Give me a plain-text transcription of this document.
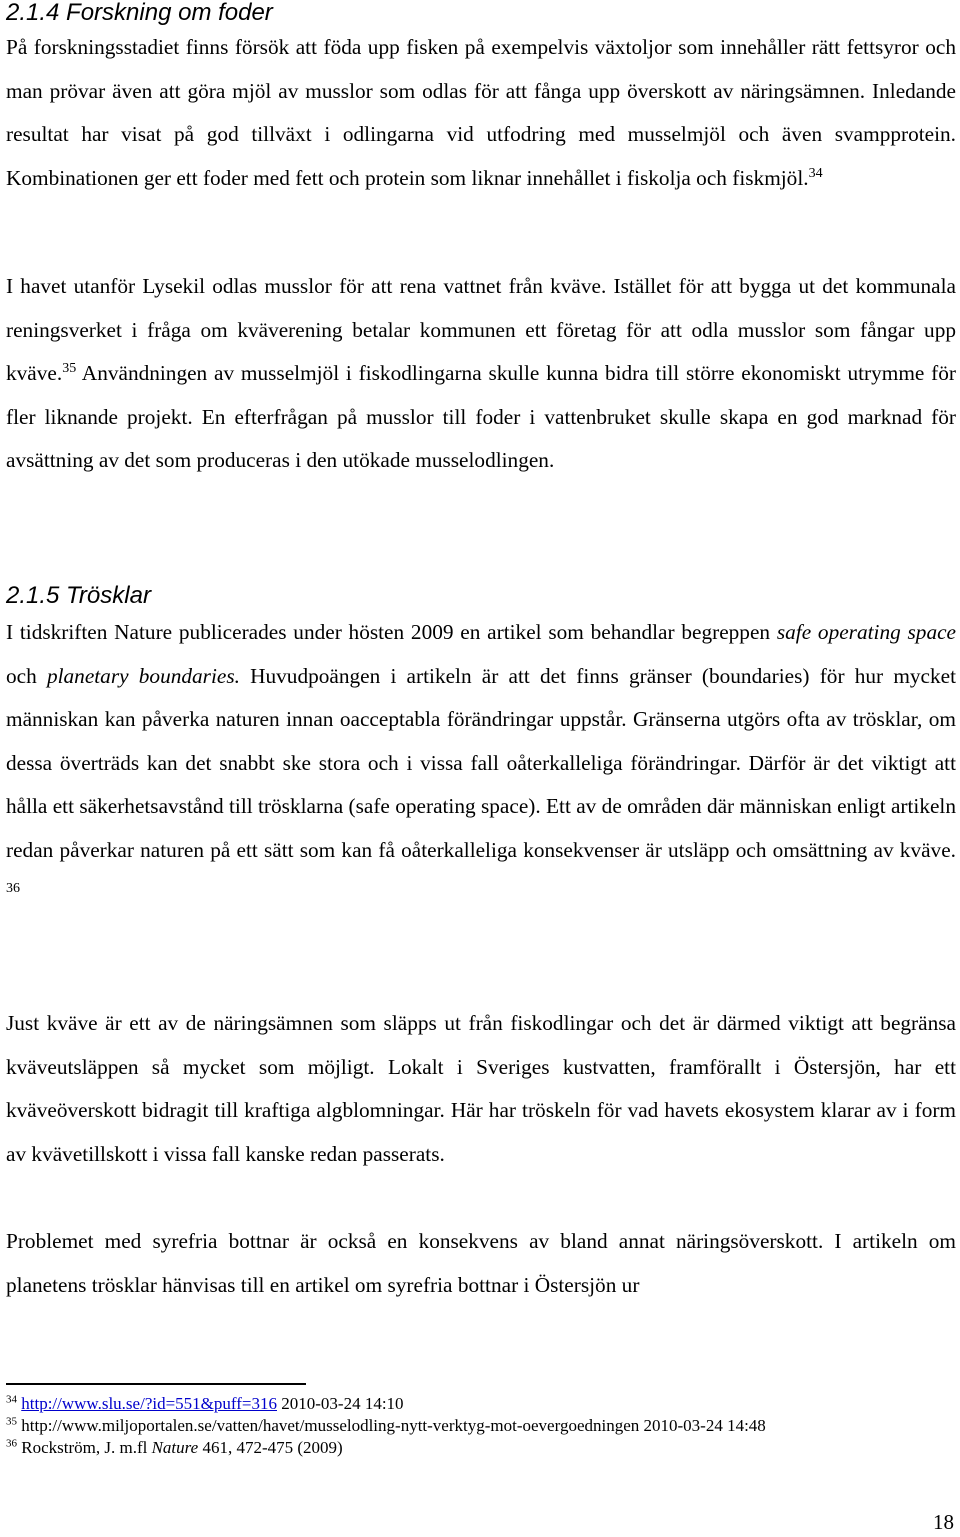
2.1.4 Forskning om foder

På forskningsstadiet finns försök att föda upp fisken på exempelvis växtoljor som innehåller rätt fettsyror och man prövar även att göra mjöl av musslor som odlas för att fånga upp överskott av näringsämnen. Inledande resultat har visat på god tillväxt i odlingarna vid utfodring med musselmjöl och även svampprotein. Kombinationen ger ett foder med fett och protein som liknar innehållet i fiskolja och fiskmjöl.$^{34}$

I havet utanför Lysekil odlas musslor för att rena vattnet från kväve. Istället för att bygga ut det kommunala reningsverket i fråga om kväverening betalar kommunen ett företag för att odla musslor som fångar upp kväve.$^{35}$ Användningen av musselmjöl i fiskodlingarna skulle kunna bidra till större ekonomiskt utrymme för fler liknande projekt. En efterfrågan på musslor till foder i vattenbruket skulle skapa en god marknad för avsättning av det som produceras i den utökade musselodlingen.

2.1.5 Trösklar

I tidskriften Nature publicerades under hösten 2009 en artikel som behandlar begreppen safe operating space och planetary boundaries. Huvudpoängen i artikeln är att det finns gränser (boundaries) för hur mycket människan kan påverka naturen innan oacceptabla förändringar uppstår. Gränserna utgörs ofta av trösklar, om dessa överträds kan det snabbt ske stora och i vissa fall oåterkalleliga förändringar. Därför är det viktigt att hålla ett säkerhetsavstånd till trösklarna (safe operating space). Ett av de områden där människan enligt artikeln redan påverkar naturen på ett sätt som kan få oåterkalleliga konsekvenser är utsläpp och omsättning av kväve. $^{36}$

Just kväve är ett av de näringsämnen som släpps ut från fiskodlingar och det är därmed viktigt att begränsa kväveutsläppen så mycket som möjligt. Lokalt i Sveriges kustvatten, framförallt i Östersjön, har ett kväveöverskott bidragit till kraftiga algblomningar. Här har tröskeln för vad havets ekosystem klarar av i form av kvävetillskott i vissa fall kanske redan passerats.

Problemet med syrefria bottnar är också en konsekvens av bland annat näringsöverskott. I artikeln om planetens trösklar hänvisas till en artikel om syrefria bottnar i Östersjön ur

$^{34}$ http://www.slu.se/?id=551&puff=316 2010-03-24 14:10
$^{35}$ http://www.miljoportalen.se/vatten/havet/musselodling-nytt-verktyg-mot-oevergoedningen 2010-03-24 14:48
$^{36}$ Rockström, J. m.fl Nature 461, 472-475 (2009)
18
